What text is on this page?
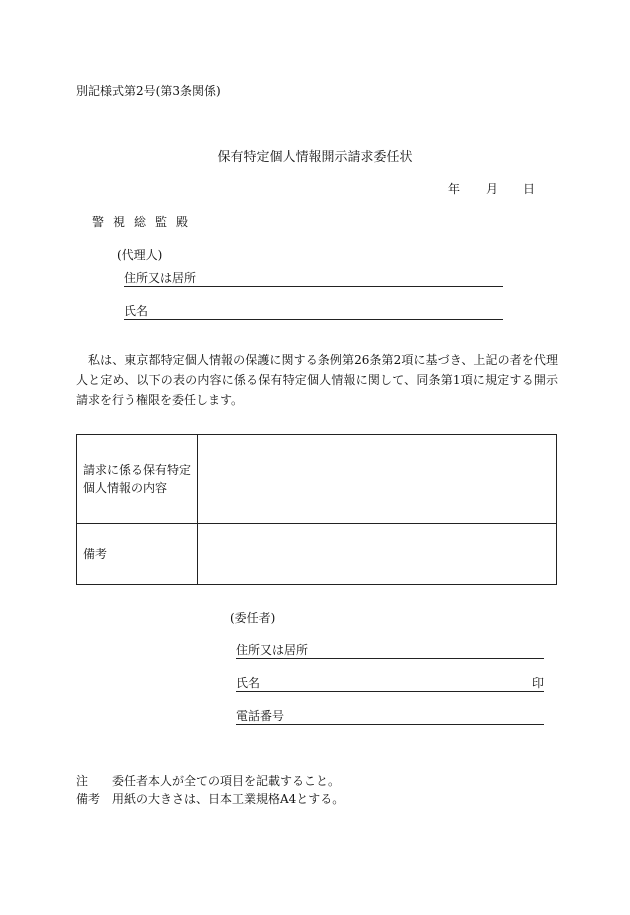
別記様式第2号(第3条関係)
保有特定個人情報開示請求委任状
年 月 日
警視総監殿
(代理人)
住所又は居所
氏名
私は、東京都特定個人情報の保護に関する条例第26条第2項に基づき、上記の者を代理人と定め、以下の表の内容に係る保有特定個人情報に関して、同条第1項に規定する開示請求を行う権限を委任します。
請求に係る保有特定
個人情報の内容	

備考	

(委任者)
住所又は居所
氏名	印
電話番号
注 委任者本人が全ての項目を記載すること。
備考 用紙の大きさは、日本工業規格A4とする。
